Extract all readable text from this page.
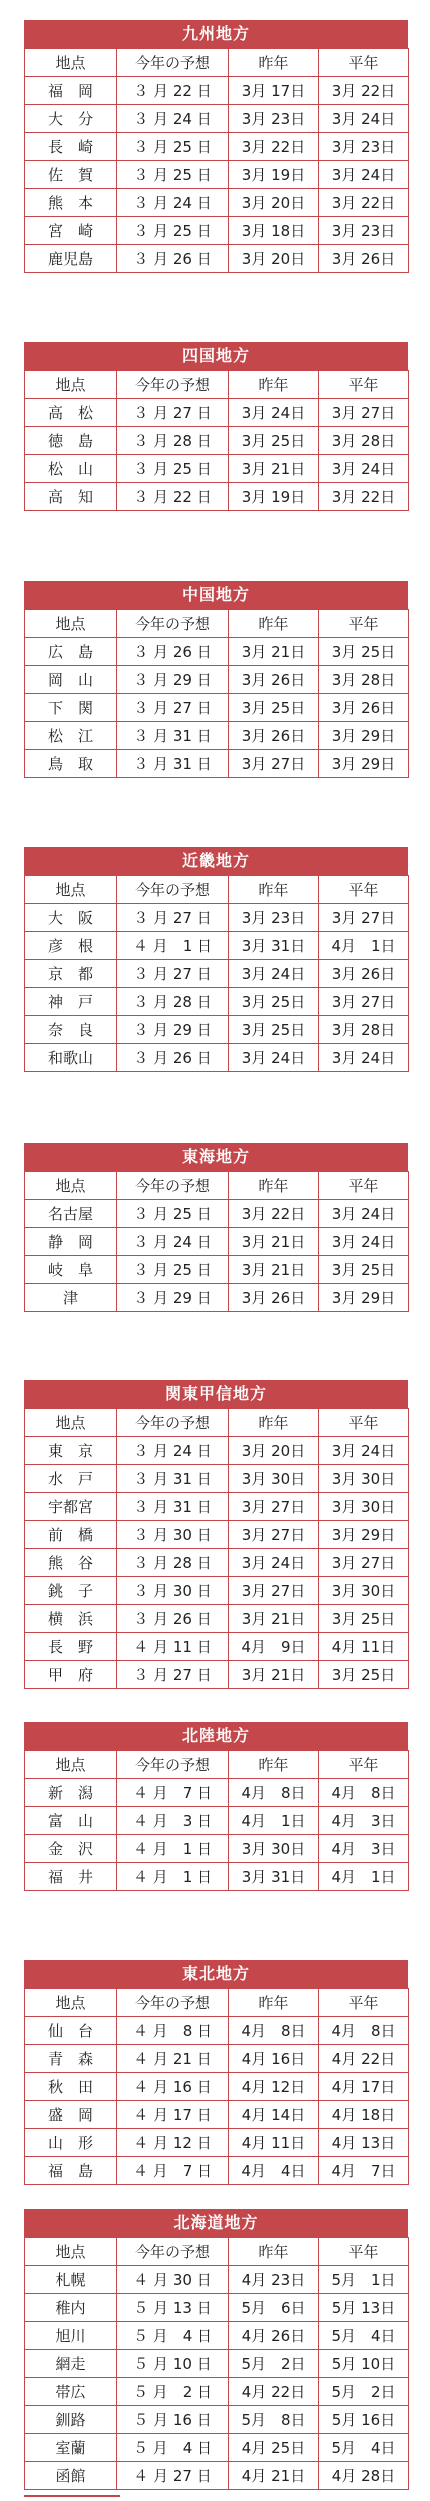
九州地方
地点	今年の予想	昨年	平年
福　岡	３ 月 22 日	3月 17日	3月 22日
大　分	３ 月 24 日	3月 23日	3月 24日
長　崎	３ 月 25 日	3月 22日	3月 23日
佐　賀	３ 月 25 日	3月 19日	3月 24日
熊　本	３ 月 24 日	3月 20日	3月 22日
宮　崎	３ 月 25 日	3月 18日	3月 23日
鹿児島	３ 月 26 日	3月 20日	3月 26日
四国地方
地点	今年の予想	昨年	平年
高　松	３ 月 27 日	3月 24日	3月 27日
徳　島	３ 月 28 日	3月 25日	3月 28日
松　山	３ 月 25 日	3月 21日	3月 24日
高　知	３ 月 22 日	3月 19日	3月 22日
中国地方
地点	今年の予想	昨年	平年
広　島	３ 月 26 日	3月 21日	3月 25日
岡　山	３ 月 29 日	3月 26日	3月 28日
下　関	３ 月 27 日	3月 25日	3月 26日
松　江	３ 月 31 日	3月 26日	3月 29日
鳥　取	３ 月 31 日	3月 27日	3月 29日
近畿地方
地点	今年の予想	昨年	平年
大　阪	３ 月 27 日	3月 23日	3月 27日
彦　根	４ 月　1 日	3月 31日	4月　1日
京　都	３ 月 27 日	3月 24日	3月 26日
神　戸	３ 月 28 日	3月 25日	3月 27日
奈　良	３ 月 29 日	3月 25日	3月 28日
和歌山	３ 月 26 日	3月 24日	3月 24日
東海地方
地点	今年の予想	昨年	平年
名古屋	３ 月 25 日	3月 22日	3月 24日
静　岡	３ 月 24 日	3月 21日	3月 24日
岐　阜	３ 月 25 日	3月 21日	3月 25日
津	３ 月 29 日	3月 26日	3月 29日
関東甲信地方
地点	今年の予想	昨年	平年
東　京	３ 月 24 日	3月 20日	3月 24日
水　戸	３ 月 31 日	3月 30日	3月 30日
宇都宮	３ 月 31 日	3月 27日	3月 30日
前　橋	３ 月 30 日	3月 27日	3月 29日
熊　谷	３ 月 28 日	3月 24日	3月 27日
銚　子	３ 月 30 日	3月 27日	3月 30日
横　浜	３ 月 26 日	3月 21日	3月 25日
長　野	４ 月 11 日	4月　9日	4月 11日
甲　府	３ 月 27 日	3月 21日	3月 25日
北陸地方
地点	今年の予想	昨年	平年
新　潟	４ 月　7 日	4月　8日	4月　8日
富　山	４ 月　3 日	4月　1日	4月　3日
金　沢	４ 月　1 日	3月 30日	4月　3日
福　井	４ 月　1 日	3月 31日	4月　1日
東北地方
地点	今年の予想	昨年	平年
仙　台	４ 月　8 日	4月　8日	4月　8日
青　森	４ 月 21 日	4月 16日	4月 22日
秋　田	４ 月 16 日	4月 12日	4月 17日
盛　岡	４ 月 17 日	4月 14日	4月 18日
山　形	４ 月 12 日	4月 11日	4月 13日
福　島	４ 月　7 日	4月　4日	4月　7日
北海道地方
地点	今年の予想	昨年	平年
札幌	４ 月 30 日	4月 23日	5月　1日
稚内	５ 月 13 日	5月　6日	5月 13日
旭川	５ 月　4 日	4月 26日	5月　4日
網走	５ 月 10 日	5月　2日	5月 10日
帯広	５ 月　2 日	4月 22日	5月　2日
釧路	５ 月 16 日	5月　8日	5月 16日
室蘭	５ 月　4 日	4月 25日	5月　4日
函館	４ 月 27 日	4月 21日	4月 28日
